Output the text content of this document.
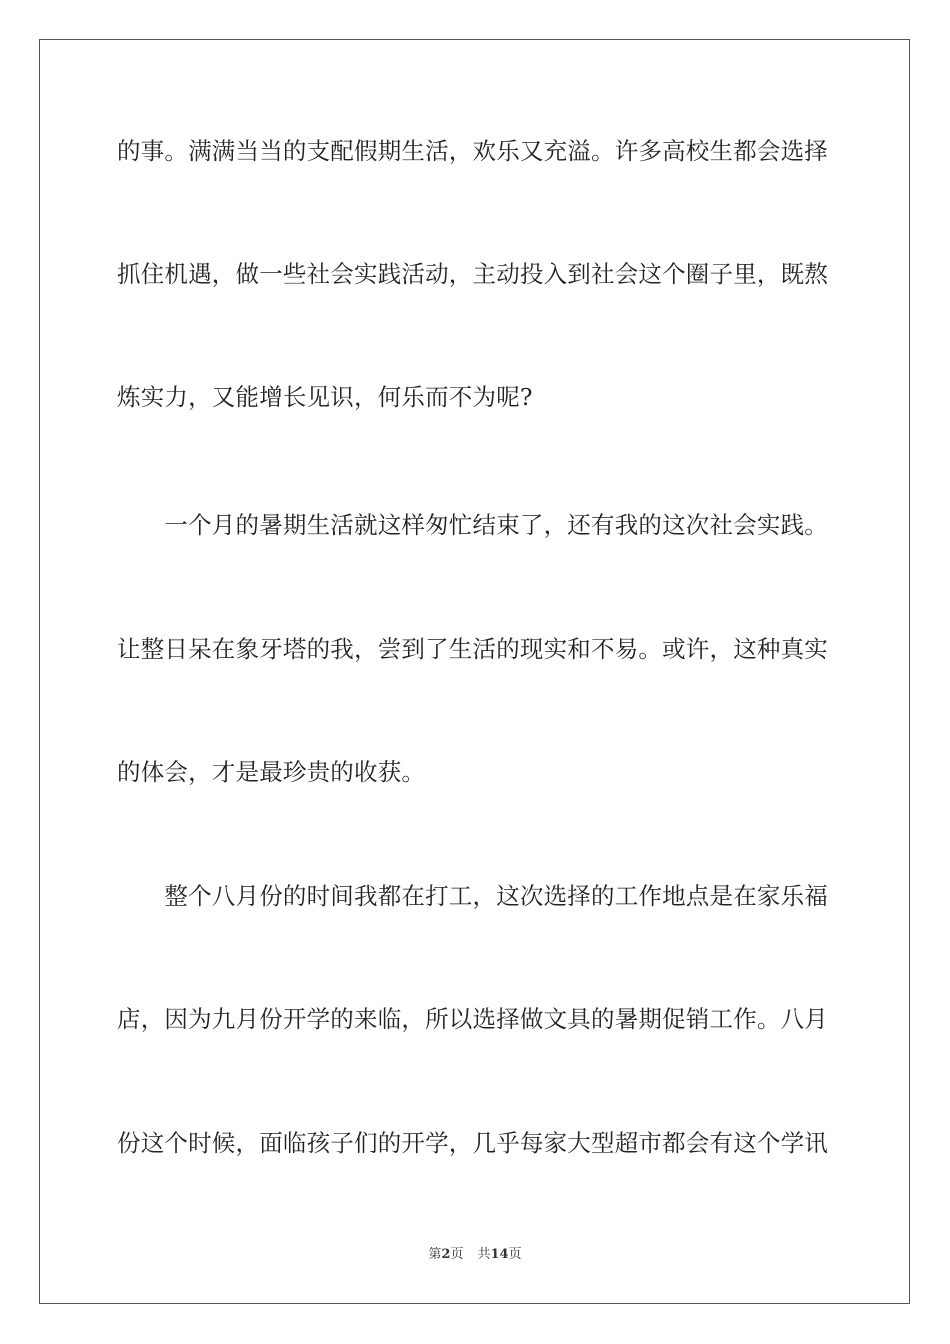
的事。满满当当的支配假期生活，欢乐又充溢。许多高校生都会选择
抓住机遇，做一些社会实践活动，主动投入到社会这个圈子里，既熬
炼实力，又能增长见识，何乐而不为呢?
　　一个月的暑期生活就这样匆忙结束了，还有我的这次社会实践。
让整日呆在象牙塔的我，尝到了生活的现实和不易。或许，这种真实
的体会，才是最珍贵的收获。
　　整个八月份的时间我都在打工，这次选择的工作地点是在家乐福
店，因为九月份开学的来临，所以选择做文具的暑期促销工作。八月
份这个时候，面临孩子们的开学，几乎每家大型超市都会有这个学讯
第2页 共14页
